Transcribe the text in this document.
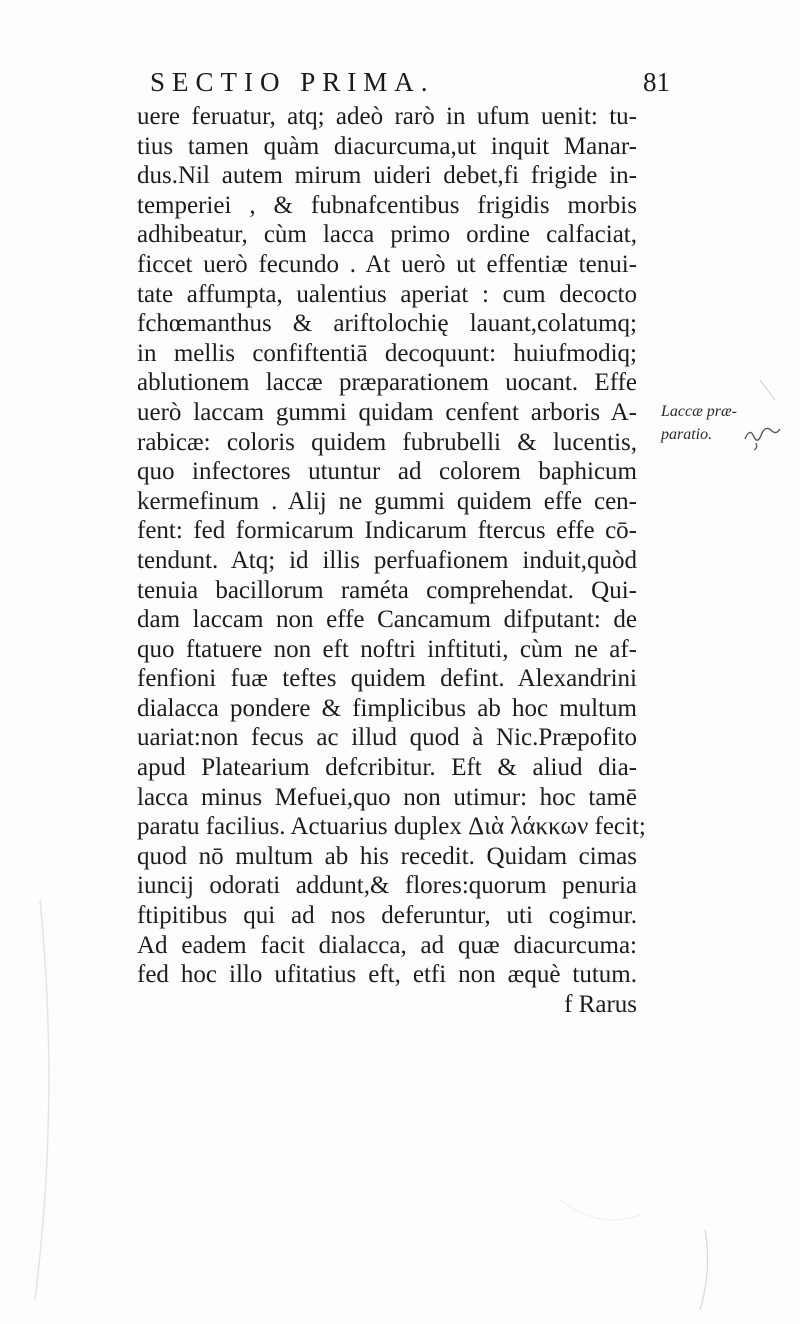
SECTIO PRIMA.	81
uere feruatur, atq; adeò rarò in ufum uenit: tu-
tius tamen quàm diacurcuma,ut inquit Manar-
dus.Nil autem mirum uideri debet,fi frigide in-
temperiei , & fubnafcentibus frigidis morbis
adhibeatur, cùm lacca primo ordine calfaciat,
ficcet uerò fecundo . At uerò ut effentiæ tenui-
tate affumpta, ualentius aperiat : cum decocto
fchœmanthus & ariftolochię lauant,colatumq;
in mellis confiftentiā decoquunt: huiufmodiq;
ablutionem laccæ præparationem uocant. Effe
uerò laccam gummi quidam cenfent arboris A-
rabicæ: coloris quidem fubrubelli & lucentis,
quo infectores utuntur ad colorem baphicum
kermefinum . Alij ne gummi quidem effe cen-
fent: fed formicarum Indicarum ftercus effe cō-
tendunt. Atq; id illis perfuafionem induit,quòd
tenuia bacillorum raméta comprehendat. Qui-
dam laccam non effe Cancamum difputant: de
quo ftatuere non eft noftri inftituti, cùm ne af-
fenfioni fuæ teftes quidem defint. Alexandrini
dialacca pondere & fimplicibus ab hoc multum
uariat:non fecus ac illud quod à Nic.Præpofito
apud Platearium defcribitur. Eft & aliud dia-
lacca minus Mefuei,quo non utimur: hoc tamē
paratu facilius. Actuarius duplex Διὰ λάκκων fecit;
quod nō multum ab his recedit. Quidam cimas
iuncij odorati addunt,& flores:quorum penuria
ftipitibus qui ad nos deferuntur, uti cogimur.
Ad eadem facit dialacca, ad quæ diacurcuma:
fed hoc illo ufitatius eft, etfi non æquè tutum.
f Rarus
Laccæ præ-
paratio.
